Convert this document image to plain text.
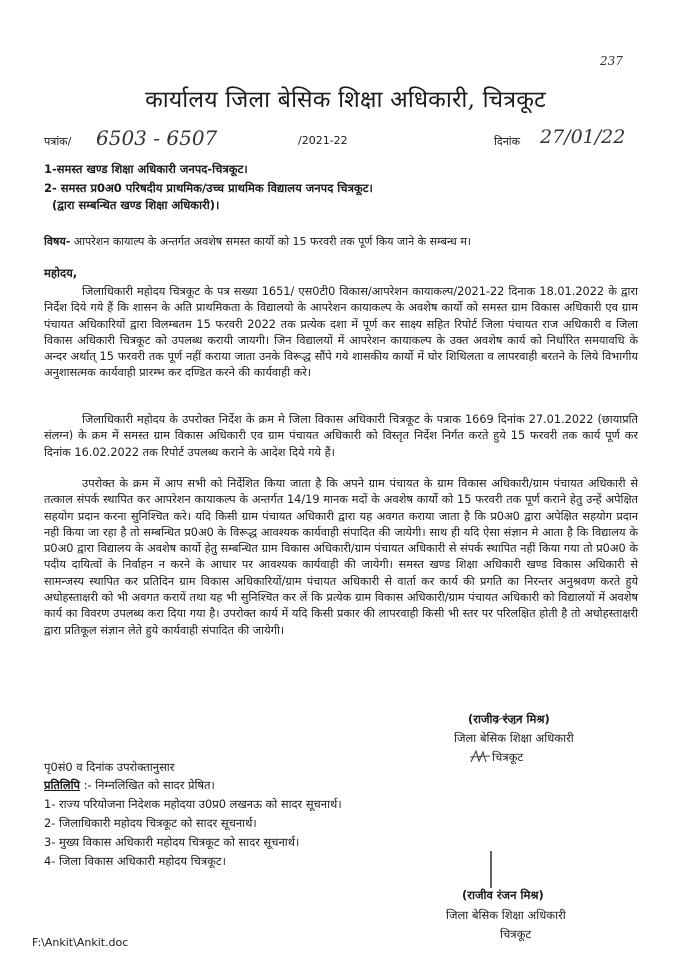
237
कार्यालय जिला बेसिक शिक्षा अधिकारी, चित्रकूट
पत्रांक/ 6503 - 6507	/2021-22	दिनांक 27/01/22
1-समस्त खण्ड शिक्षा अधिकारी जनपद-चित्रकूट।
2- समस्त प्र0अ0 परिषदीय प्राथमिक/उच्च प्राथमिक विद्यालय जनपद चित्रकूट।
(द्वारा सम्बन्धित खण्ड शिक्षा अधिकारी)।
विषय- आपरेशन कायाल्प के अन्तर्गत अवशेष समस्त कार्यो को 15 फरवरी तक पूर्ण किय जाने के सम्बन्ध म।
महोदय,
जिलाधिकारी महोदय चित्रकूट के पत्र सख्या 1651/ एस0टी0 विकास/आपरेशन कायाकल्प/2021-22 दिनाक 18.01.2022 के द्वारा निर्देश दिये गये हैं कि शासन के अति प्राथमिकता के विद्यालयो के आपरेशन कायाकल्प के अवशेष कार्यो को समस्त ग्राम विकास अधिकारी एव ग्राम पंचायत अधिकारियों द्वारा विलम्बतम 15 फरवरी 2022 तक प्रत्येक दशा में पूर्ण कर साक्ष्य सहित रिपोर्ट जिला पंचायत राज अधिकारी व जिला विकास अधिकारी चित्रकूट को उपलब्ध करायी जायगी। जिन विद्यालयों में आपरेशन कायाकल्प के उक्त अवशेष कार्य को निर्धारित समयावधि के अन्दर अर्थात् 15 फरवरी तक पूर्ण नहीं कराया जाता उनके विरूद्ध सौंपे गये शासकीय कार्यो में घोर शिथिलता व लापरवाही बरतने के लिये विभागीय अनुशासत्मक कार्यवाही प्रारम्भ कर दण्डित करने की कार्यवाही करे।
जिलाधिकारी महोदय के उपरोक्त निर्देश के क्रम मे जिला विकास अधिकारी चित्रकूट के पत्राक 1669 दिनांक 27.01.2022 (छायाप्रति संलग्न) के क्रम में समस्त ग्राम विकास अधिकारी एव ग्राम पंचायत अधिकारी को विस्तृत निर्देश निर्गत करते हुये 15 फरवरी तक कार्य पूर्ण कर दिनांक 16.02.2022 तक रिपोर्ट उपलब्ध कराने के आदेश दिये गये हैं।
उपरोक्त के क्रम में आप सभी को निर्देशित किया जाता है कि अपने ग्राम पंचायत के ग्राम विकास अधिकारी/ग्राम पंचायत अधिकारी से तत्काल संपर्क स्थापित कर आपरेशन कायाकल्प के अन्तर्गत 14/19 मानक मदों के अवशेष कार्यो को 15 फरवरी तक पूर्ण कराने हेतु उन्हें अपेक्षित सहयोग प्रदान करना सुनिश्चित करे। यदि किसी ग्राम पंचायत अधिकारी द्वारा यह अवगत कराया जाता है कि प्र0अ0 द्वारा अपेक्षित सहयोग प्रदान नही किया जा रहा है तो सम्बन्धित प्र0अ0 के विरूद्ध आवश्यक कार्यवाही संपादित की जायेगी। साथ ही यदि ऐसा संज्ञान मे आता है कि विद्यालय के प्र0अ0 द्वारा विद्यालय के अवशेष कार्यो हेतु सम्बन्धित ग्राम विकास अधिकारी/ग्राम पंचायत अधिकारी से संपर्क स्थापित नहीं किया गया तो प्र0अ0 के पदीय दायित्वों के निर्वाहन न करने के आधार पर आवश्यक कार्यवाही की जायेगी। समस्त खण्ड शिक्षा अधिकारी खण्ड विकास अधिकारी से सामन्जस्य स्थापित कर प्रतिदिन ग्राम विकास अधिकारियों/ग्राम पंचायत अधिकारी से वार्ता कर कार्य की प्रगति का निरन्तर अनुश्रवण करते हुये अधोहस्ताक्षरी को भी अवगत करायें तथा यह भी सुनिश्चित कर लें कि प्रत्येक ग्राम विकास अधिकारी/ग्राम पंचायत अधिकारी को विद्यालयों में अवशेष कार्य का विवरण उपलब्ध करा दिया गया है। उपरोक्त कार्य में यदि किसी प्रकार की लापरवाही किसी भी स्तर पर परिलक्षित होती है तो अधोहस्ताक्षरी द्वारा प्रतिकूल संज्ञान लेते हुये कार्यवाही संपादित की जायेगी।
(राजीव रंजन मिश्र)
जिला बेसिक शिक्षा अधिकारी
चित्रकूट
पृ0सं0 व दिनांक उपरोक्तानुसार
प्रतिलिपि :- निम्नलिखित को सादर प्रेषित।
1- राज्य परियोजना निदेशक महोदया उ0प्र0 लखनऊ को सादर सूचनार्थ।
2- जिलाधिकारी महोदय चित्रकूट को सादर सूचनार्थ।
3- मुख्य विकास अधिकारी महोदय चित्रकूट को सादर सूचनार्थ।
4- जिला विकास अधिकारी महोदय चित्रकूट।
(राजीव रंजन मिश्र)
जिला बेसिक शिक्षा अधिकारी
चित्रकूट
F:\Ankit\Ankit.doc
